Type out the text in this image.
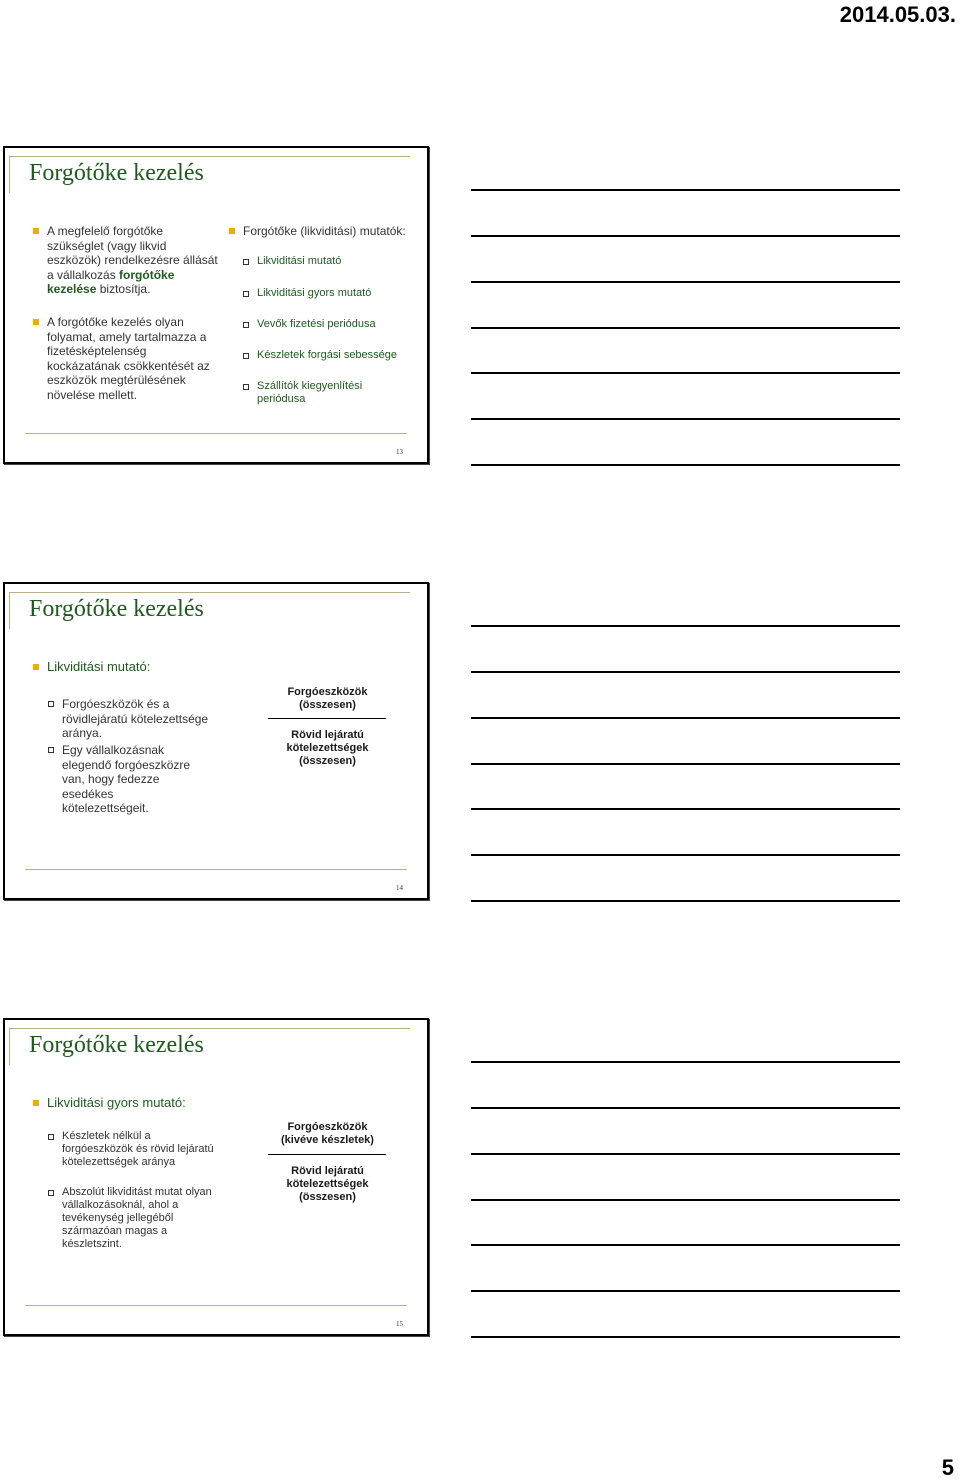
2014.05.03.
Forgótőke kezelés
A megfelelő forgótőke szükséglet (vagy likvid eszközök) rendelkezésre állását a vállalkozás forgótőke kezelése biztosítja.
A forgótőke kezelés olyan folyamat, amely tartalmazza a fizetésképtelenség kockázatának csökkentését az eszközök megtérülésének növelése mellett.
Forgótőke (likviditási) mutatók:
Likviditási mutató
Likviditási gyors mutató
Vevők fizetési periódusa
Készletek forgási sebessége
Szállítók kiegyenlítési periódusa
13
Forgótőke kezelés
Likviditási mutató:
Forgóeszközök és a rövidlejáratú kötelezettsége aránya.
Egy vállalkozásnak elegendő forgóeszközre van, hogy fedezze esedékes kötelezettségeit.
Forgóeszközök (összesen)
Rövid lejáratú kötelezettségek (összesen)
14
Forgótőke kezelés
Likviditási gyors mutató:
Készletek nélkül a forgóeszközök és rövid lejáratú kötelezettségek aránya
Abszolút likviditást mutat olyan vállalkozásoknál, ahol a tevékenység jellegéből származóan magas a készletszint.
Forgóeszközök (kivéve készletek)
Rövid lejáratú kötelezettségek (összesen)
15
5
